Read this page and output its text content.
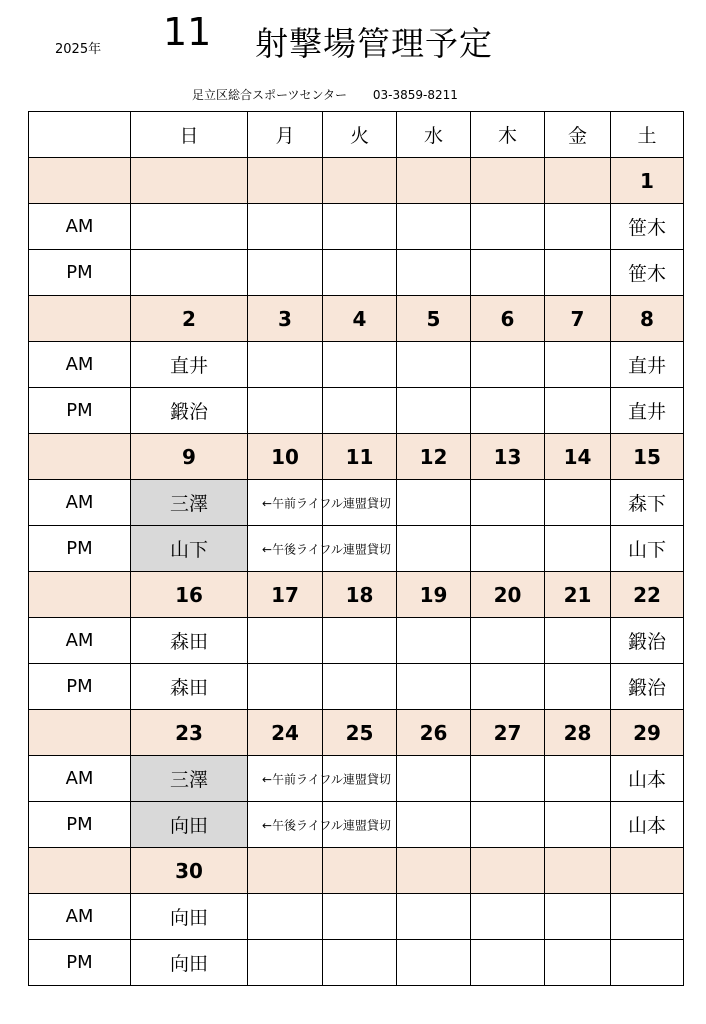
2025年 11 射撃場管理予定
足立区総合スポーツセンター 03-3859-8211
	日	月	火	水	木	金	土
							1
AM							笹木
PM							笹木
	2	3	4	5	6	7	8
AM	直井						直井
PM	鍛治						直井
	9	10	11	12	13	14	15
AM	三澤	←午前ライフル連盟貸切					森下
PM	山下	←午後ライフル連盟貸切					山下
	16	17	18	19	20	21	22
AM	森田						鍛治
PM	森田						鍛治
	23	24	25	26	27	28	29
AM	三澤	←午前ライフル連盟貸切					山本
PM	向田	←午後ライフル連盟貸切					山本
	30						
AM	向田						
PM	向田						
